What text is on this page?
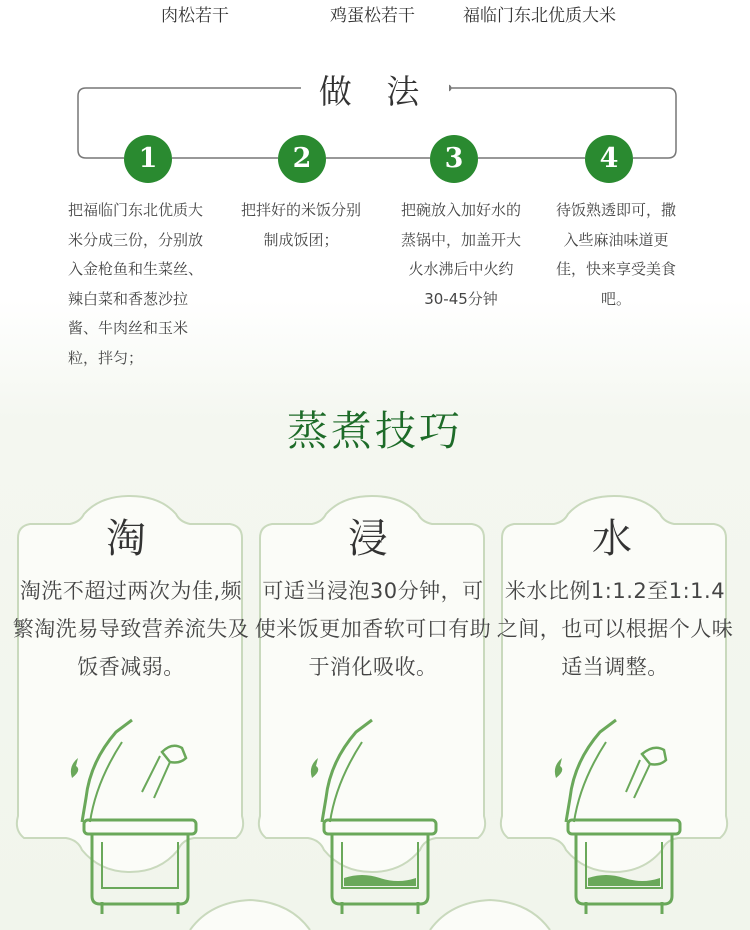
肉松若干	鸡蛋松若干	福临门东北优质大米
做 法
1	2	3	4
把福临门东北优质大米分成三份，分别放入金枪鱼和生菜丝、辣白菜和香葱沙拉酱、牛肉丝和玉米粒，拌匀；
把拌好的米饭分别制成饭团；
把碗放入加好水的蒸锅中，加盖开大火水沸后中火约30-45分钟
待饭熟透即可，撒入些麻油味道更佳，快来享受美食吧。
蒸煮技巧
淘	浸	水
淘洗不超过两次为佳,频繁淘洗易导致营养流失及饭香减弱。
可适当浸泡30分钟，可使米饭更加香软可口有助于消化吸收。
米水比例1:1.2至1:1.4之间，也可以根据个人味适当调整。
